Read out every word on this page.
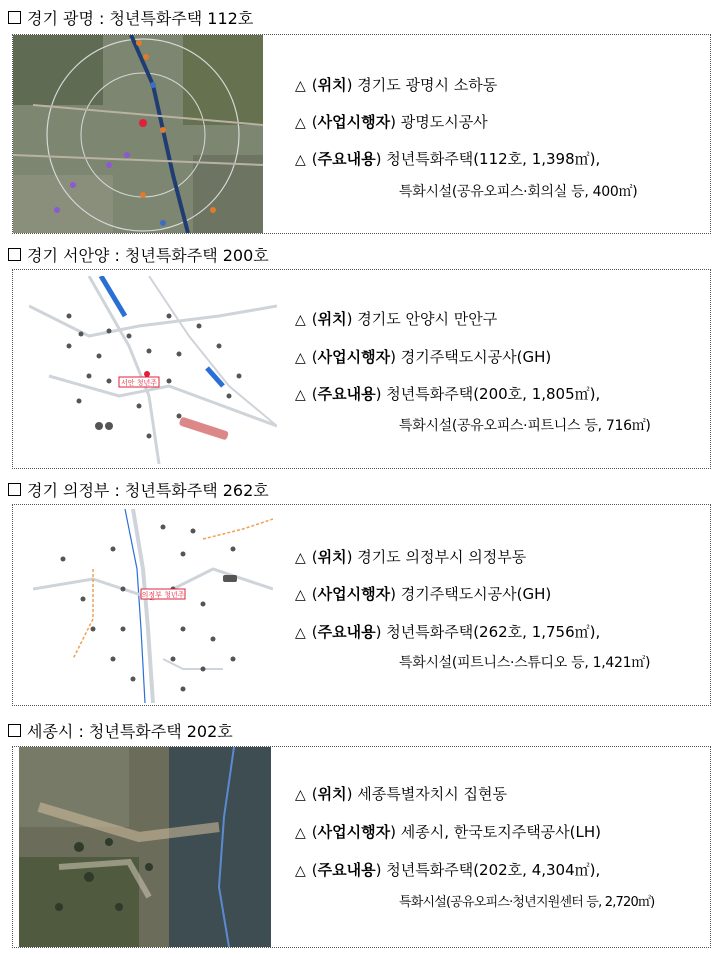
경기 광명 : 청년특화주택 112호
△ (위치)
경기도 광명시 소하동
△ (사업시행자)
광명도시공사
△ (주요내용)
청년특화주택(112호, 1,398㎡),
특화시설(공유오피스·회의실 등, 400㎡)
경기 서안양 : 청년특화주택 200호
서안 청년주
△ (위치)
경기도 안양시 만안구
△ (사업시행자)
경기주택도시공사(GH)
△ (주요내용)
청년특화주택(200호, 1,805㎡),
특화시설(공유오피스·피트니스 등, 716㎡)
경기 의정부 : 청년특화주택 262호
의정부 청년주
△ (위치)
경기도 의정부시 의정부동
△ (사업시행자)
경기주택도시공사(GH)
△ (주요내용)
청년특화주택(262호, 1,756㎡),
특화시설(피트니스·스튜디오 등, 1,421㎡)
세종시 : 청년특화주택 202호
△ (위치)
세종특별자치시 집현동
△ (사업시행자)
세종시, 한국토지주택공사(LH)
△ (주요내용)
청년특화주택(202호, 4,304㎡),
특화시설(공유오피스·청년지원센터 등, 2,720㎡)
